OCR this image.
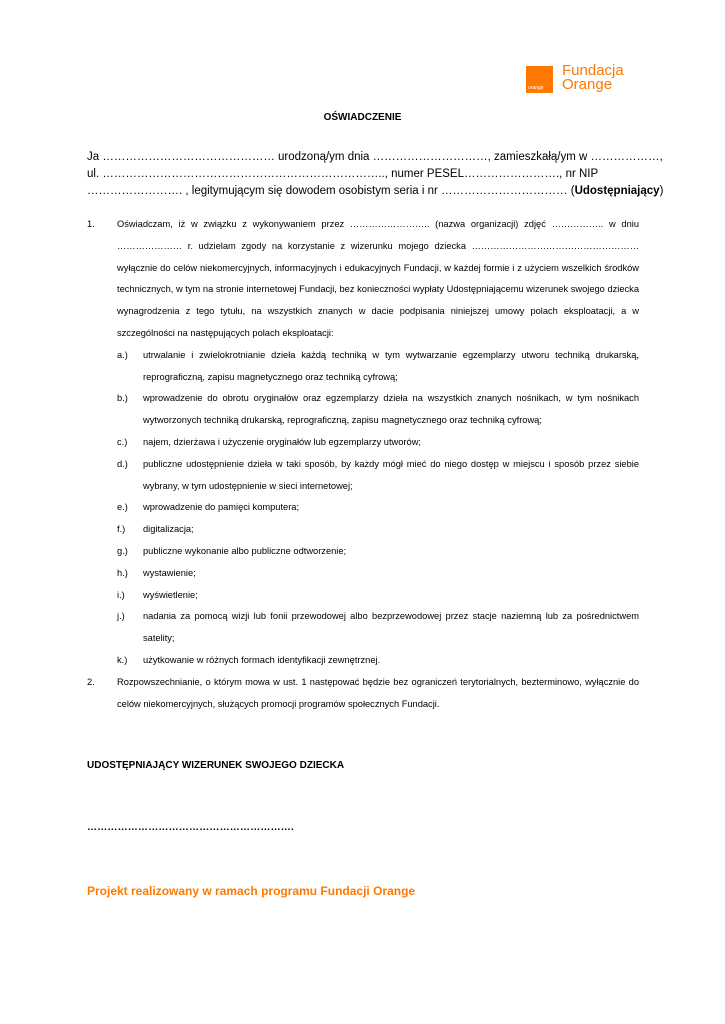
orange
Fundacja
Orange
OŚWIADCZENIE
Ja ……………………………………… urodzoną/ym dnia …………………………, zamieszkałą/ym w ………………,
ul. ……………………………………………………………….., numer PESEL……………………., nr NIP
……………………. , legitymującym się dowodem osobistym seria i nr …………………………… (Udostępniający)
1.	Oświadczam, iż w związku z wykonywaniem przez …………………….. (nazwa organizacji) zdjęć …………….. w dniu ………………… r. udzielam zgody na korzystanie z wizerunku mojego dziecka ……………………………………………… wyłącznie do celów niekomercyjnych, informacyjnych i edukacyjnych Fundacji, w każdej formie i z użyciem wszelkich środków technicznych, w tym na stronie internetowej Fundacji, bez konieczności wypłaty Udostępniającemu wizerunek swojego dziecka wynagrodzenia z tego tytułu, na wszystkich znanych w dacie podpisania niniejszej umowy polach eksploatacji, a w szczególności na następujących polach eksploatacji:
a.)	utrwalanie i zwielokrotnianie dzieła każdą techniką w tym wytwarzanie egzemplarzy utworu techniką drukarską, reprograficzną, zapisu magnetycznego oraz techniką cyfrową;
b.)	wprowadzenie do obrotu oryginałów oraz egzemplarzy dzieła na wszystkich znanych nośnikach, w tym nośnikach wytworzonych techniką drukarską, reprograficzną, zapisu magnetycznego oraz techniką cyfrową;
c.)	najem, dzierżawa i użyczenie oryginałów lub egzemplarzy utworów;
d.)	publiczne udostępnienie dzieła w taki sposób, by każdy mógł mieć do niego dostęp w miejscu i sposób przez siebie wybrany, w tym udostępnienie w sieci internetowej;
e.)	wprowadzenie do pamięci komputera;
f.)	digitalizacja;
g.)	publiczne wykonanie albo publiczne odtworzenie;
h.)	wystawienie;
i.)	wyświetlenie;
j.)	nadania za pomocą wizji lub fonii przewodowej albo bezprzewodowej przez stacje naziemną lub za pośrednictwem satelity;
k.)	użytkowanie w różnych formach identyfikacji zewnętrznej.
2.	Rozpowszechnianie, o którym mowa w ust. 1 następować będzie bez ograniczeń terytorialnych, bezterminowo, wyłącznie do celów niekomercyjnych, służących promocji programów społecznych Fundacji.
UDOSTĘPNIAJĄCY WIZERUNEK SWOJEGO DZIECKA
…………………………………………………….
Projekt realizowany w ramach programu Fundacji Orange
